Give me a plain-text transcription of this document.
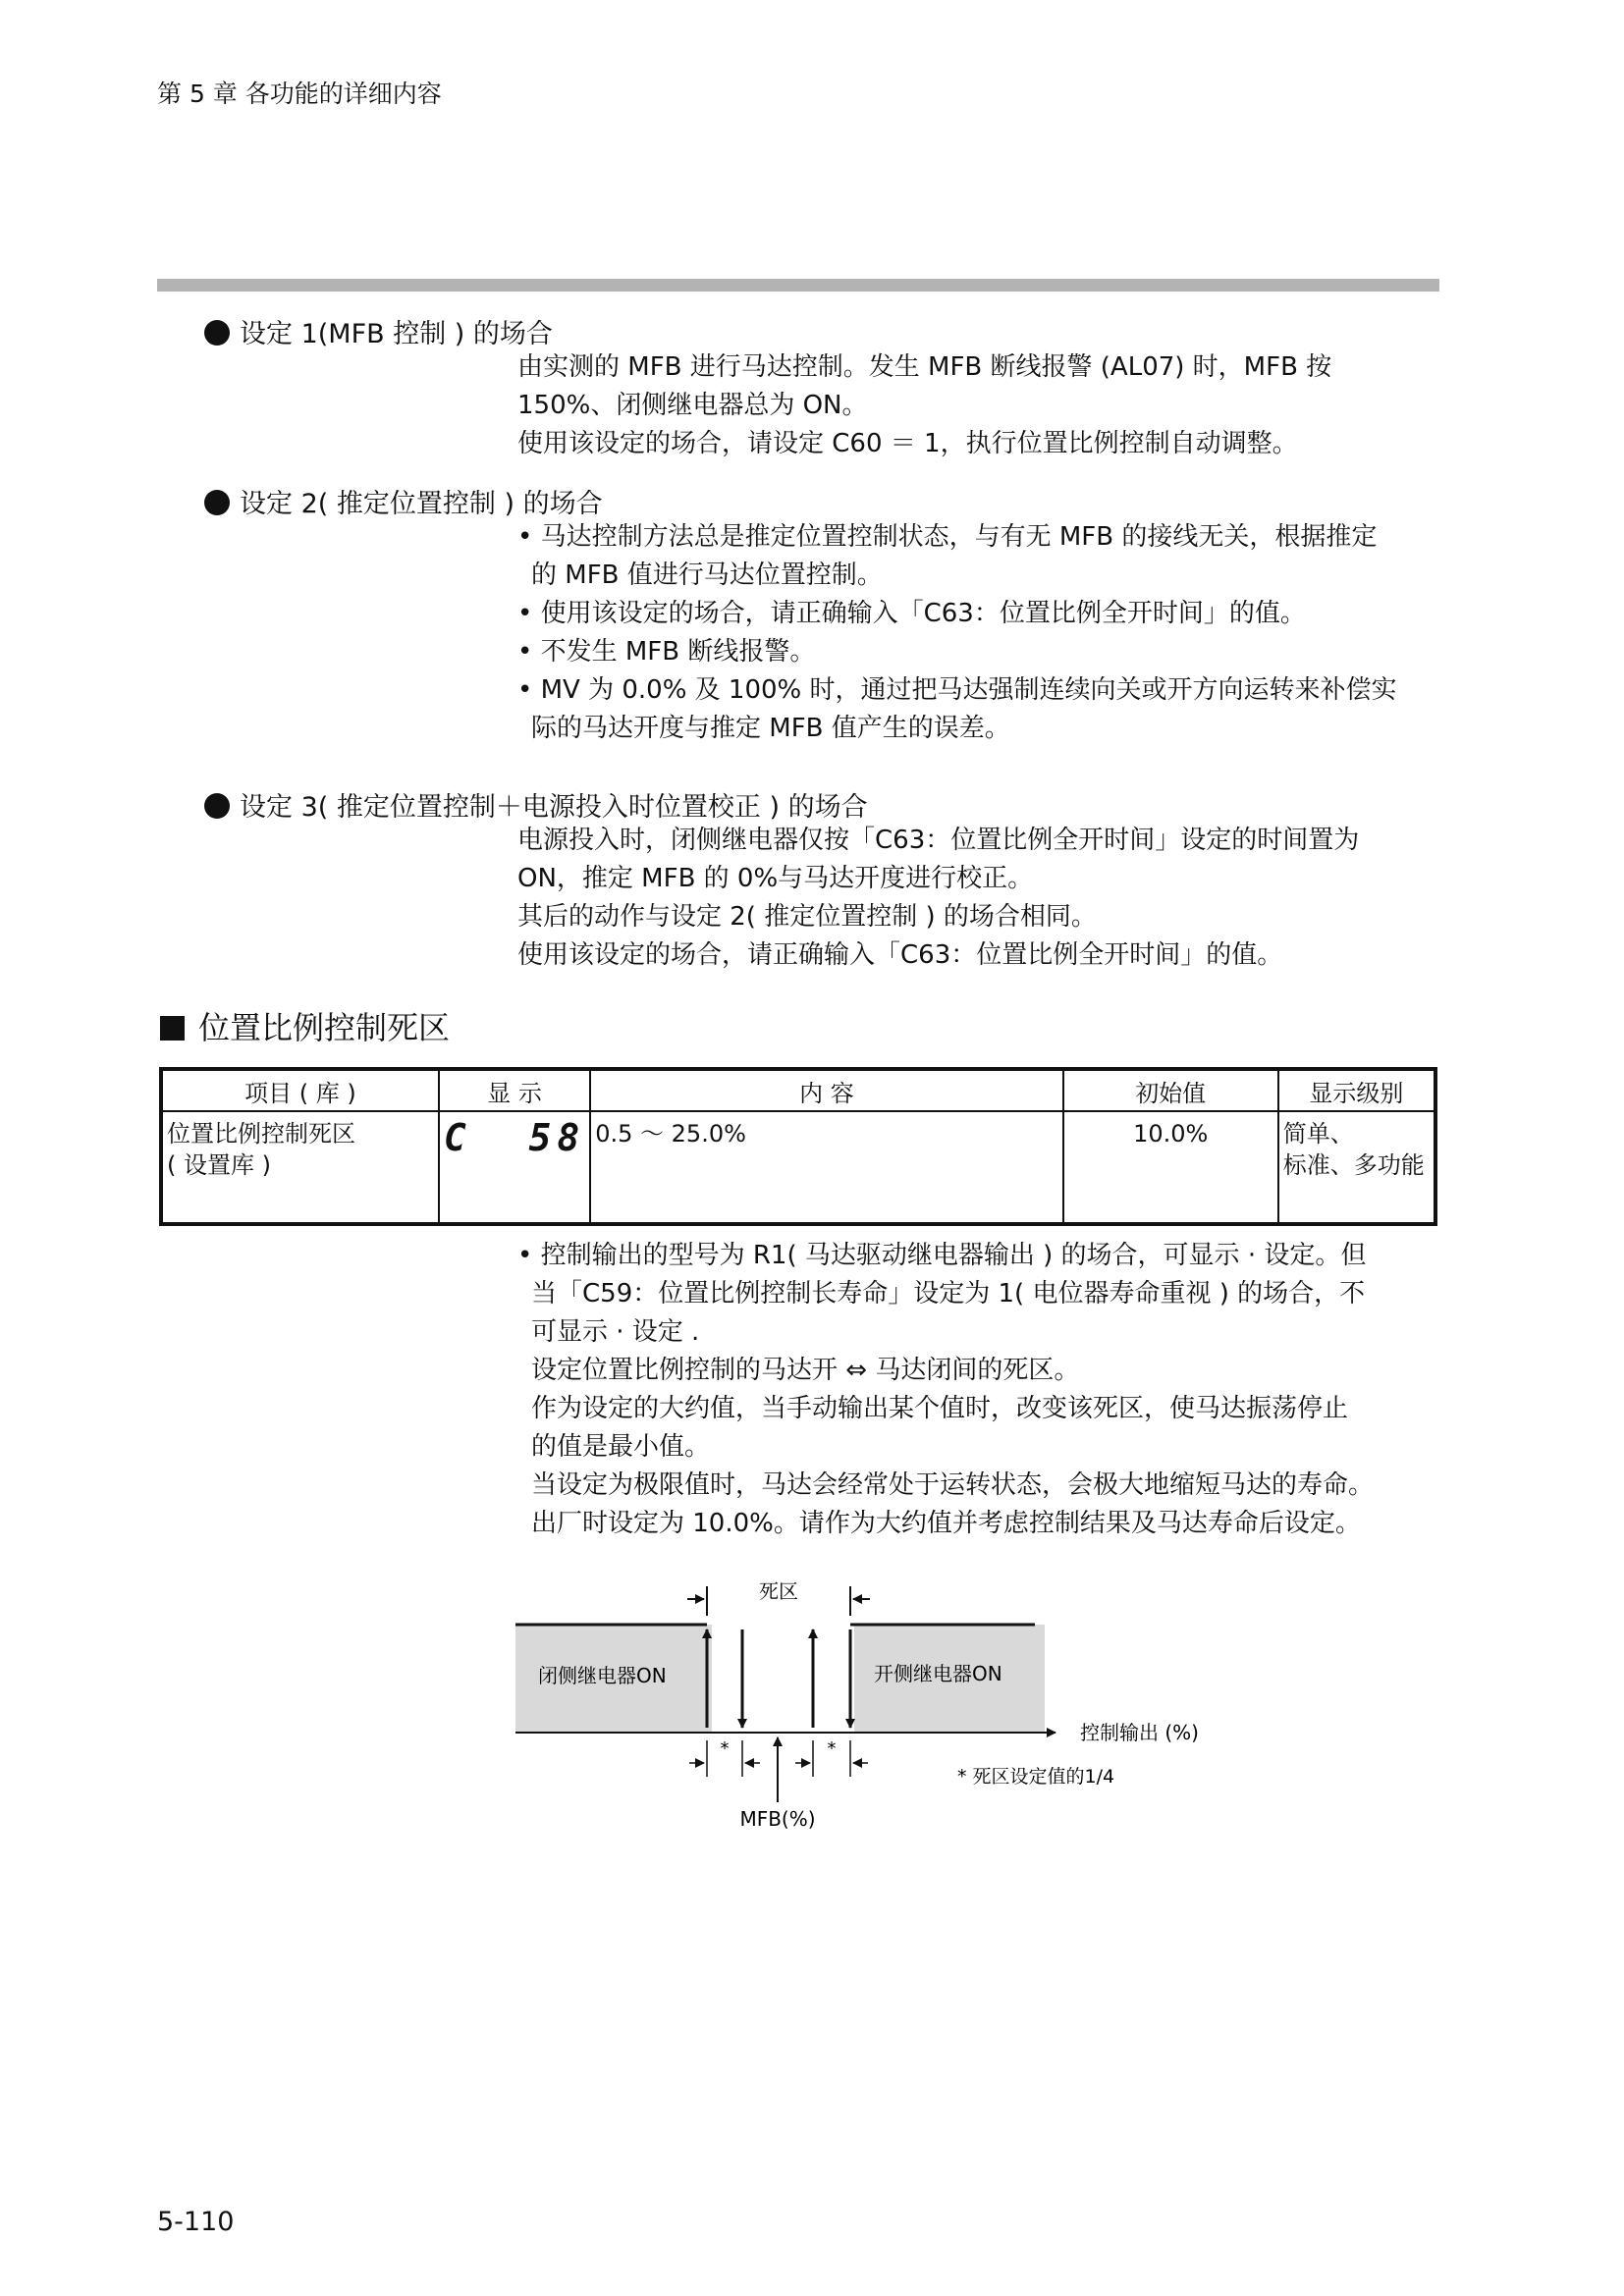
第 5 章 各功能的详细内容
设定 1(MFB 控制 ) 的场合
由实测的 MFB 进行马达控制。发生 MFB 断线报警 (AL07) 时，MFB 按
150%、闭侧继电器总为 ON。
使用该设定的场合，请设定 C60 ＝ 1，执行位置比例控制自动调整。
设定 2( 推定位置控制 ) 的场合
• 马达控制方法总是推定位置控制状态，与有无 MFB 的接线无关，根据推定
的 MFB 值进行马达位置控制。
• 使用该设定的场合，请正确输入「C63：位置比例全开时间」的值。
• 不发生 MFB 断线报警。
• MV 为 0.0% 及 100% 时，通过把马达强制连续向关或开方向运转来补偿实
际的马达开度与推定 MFB 值产生的误差。
设定 3( 推定位置控制＋电源投入时位置校正 ) 的场合
电源投入时，闭侧继电器仅按「C63：位置比例全开时间」设定的时间置为
ON，推定 MFB 的 0%与马达开度进行校正。
其后的动作与设定 2( 推定位置控制 ) 的场合相同。
使用该设定的场合，请正确输入「C63：位置比例全开时间」的值。
位置比例控制死区
项目 ( 库 )	显 示	内 容	初始值	显示级别

位置比例控制死区
( 设置库 )	C  58	0.5 ～ 25.0%	10.0%	简单、
标准、多功能
• 控制输出的型号为 R1( 马达驱动继电器输出 ) 的场合，可显示 · 设定。但
当「C59：位置比例控制长寿命」设定为 1( 电位器寿命重视 ) 的场合，不
可显示 · 设定 .
设定位置比例控制的马达开 ⇔ 马达闭间的死区。
作为设定的大约值，当手动输出某个值时，改变该死区，使马达振荡停止
的值是最小值。
当设定为极限值时，马达会经常处于运转状态，会极大地缩短马达的寿命。
出厂时设定为 10.0%。请作为大约值并考虑控制结果及马达寿命后设定。
死区
闭侧继电器ON	开侧继电器ON
控制输出 (%)
*	*
* 死区设定值的1/4
MFB(%)
5-110
